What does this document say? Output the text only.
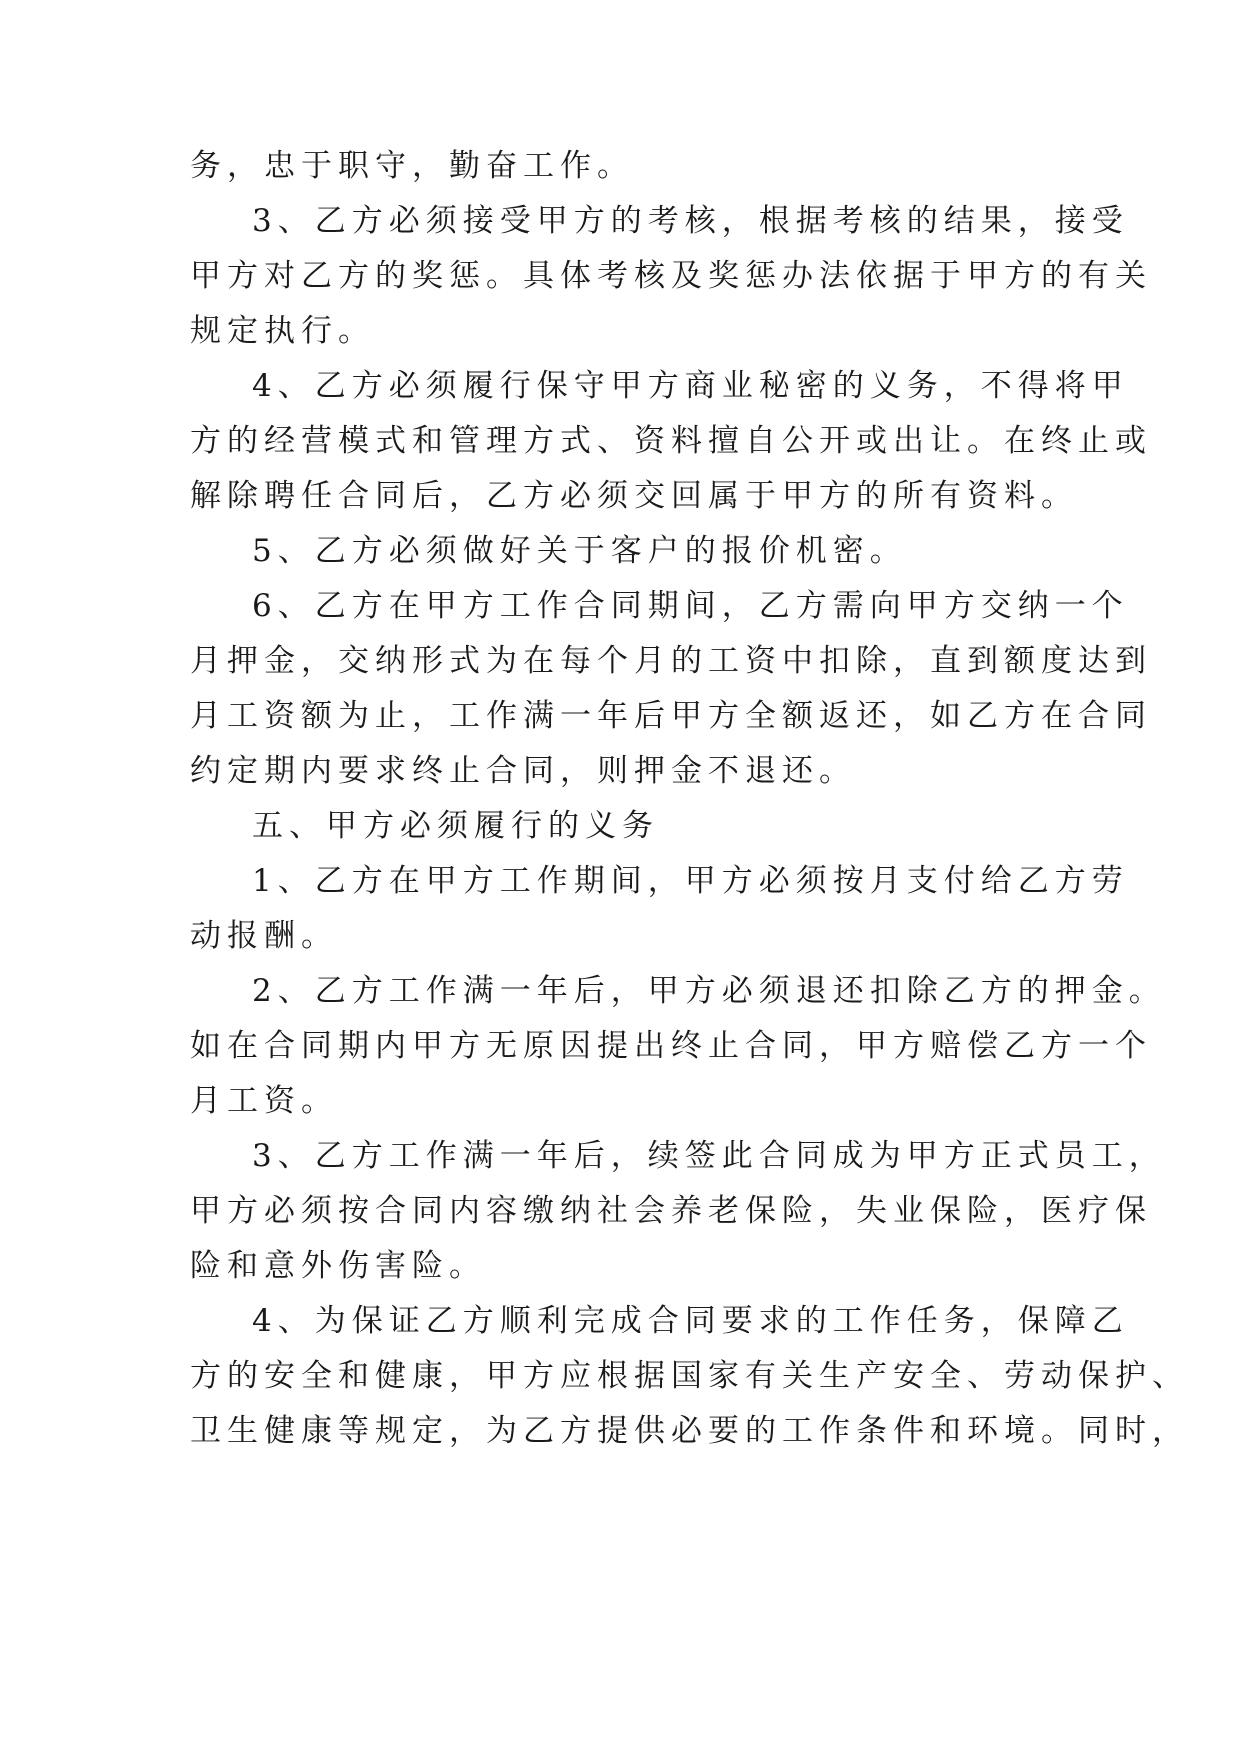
务，忠于职守，勤奋工作。
3、乙方必须接受甲方的考核，根据考核的结果，接受
甲方对乙方的奖惩。具体考核及奖惩办法依据于甲方的有关
规定执行。
4、乙方必须履行保守甲方商业秘密的义务，不得将甲
方的经营模式和管理方式、资料擅自公开或出让。在终止或
解除聘任合同后，乙方必须交回属于甲方的所有资料。
5、乙方必须做好关于客户的报价机密。
6、乙方在甲方工作合同期间，乙方需向甲方交纳一个
月押金，交纳形式为在每个月的工资中扣除，直到额度达到
月工资额为止，工作满一年后甲方全额返还，如乙方在合同
约定期内要求终止合同，则押金不退还。
五、甲方必须履行的义务
1、乙方在甲方工作期间，甲方必须按月支付给乙方劳
动报酬。
2、乙方工作满一年后，甲方必须退还扣除乙方的押金。
如在合同期内甲方无原因提出终止合同，甲方赔偿乙方一个
月工资。
3、乙方工作满一年后，续签此合同成为甲方正式员工，
甲方必须按合同内容缴纳社会养老保险，失业保险，医疗保
险和意外伤害险。
4、为保证乙方顺利完成合同要求的工作任务，保障乙
方的安全和健康，甲方应根据国家有关生产安全、劳动保护、
卫生健康等规定，为乙方提供必要的工作条件和环境。同时，
